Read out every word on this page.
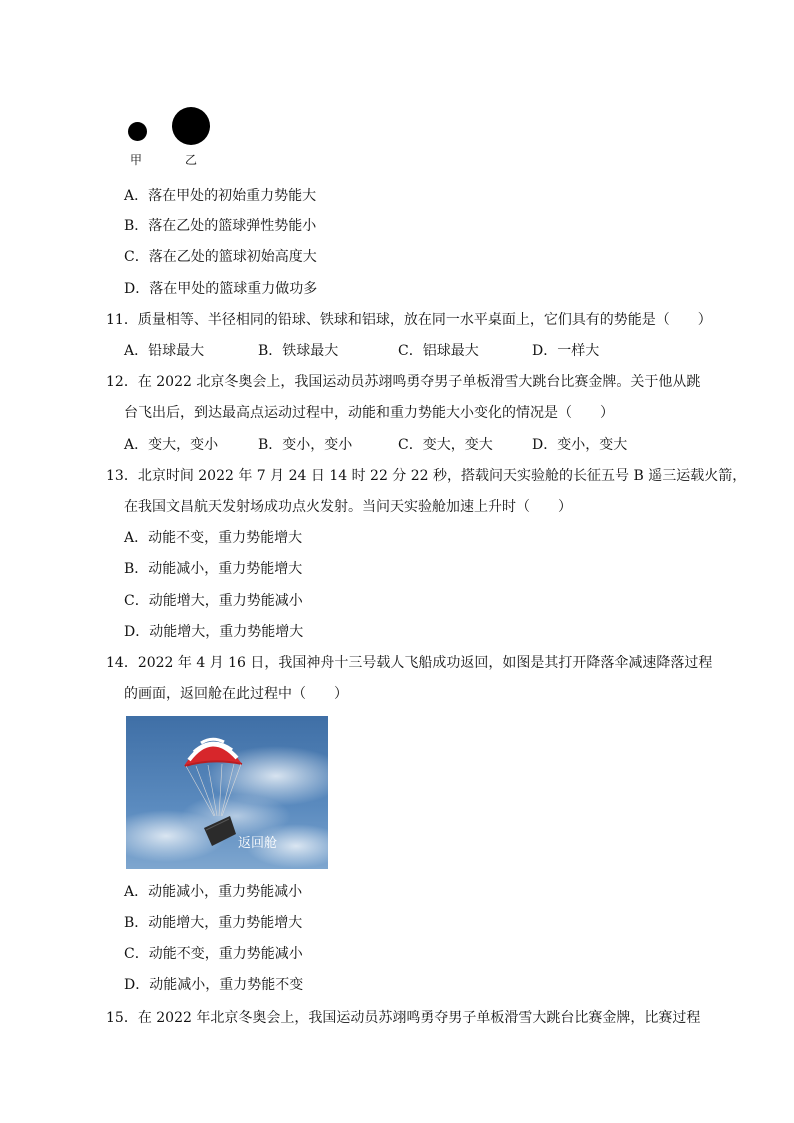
甲	乙
A．落在甲处的初始重力势能大
B．落在乙处的篮球弹性势能小
C．落在乙处的篮球初始高度大
D．落在甲处的篮球重力做功多
11．质量相等、半径相同的铅球、铁球和铝球，放在同一水平桌面上，它们具有的势能是（　　）
A．铅球最大	B．铁球最大	C．铝球最大	D．一样大
12．在 2022 北京冬奥会上，我国运动员苏翊鸣勇夺男子单板滑雪大跳台比赛金牌。关于他从跳
台飞出后，到达最高点运动过程中，动能和重力势能大小变化的情况是（　　）
A．变大，变小	B．变小，变小	C．变大，变大	D．变小，变大
13．北京时间 2022 年 7 月 24 日 14 时 22 分 22 秒，搭载问天实验舱的长征五号 B 遥三运载火箭，
在我国文昌航天发射场成功点火发射。当问天实验舱加速上升时（　　）
A．动能不变，重力势能增大
B．动能减小，重力势能增大
C．动能增大，重力势能减小
D．动能增大，重力势能增大
14．2022 年 4 月 16 日，我国神舟十三号载人飞船成功返回，如图是其打开降落伞减速降落过程
的画面，返回舱在此过程中（　　）
返回舱
A．动能减小，重力势能减小
B．动能增大，重力势能增大
C．动能不变，重力势能减小
D．动能减小，重力势能不变
15．在 2022 年北京冬奥会上，我国运动员苏翊鸣勇夺男子单板滑雪大跳台比赛金牌，比赛过程
